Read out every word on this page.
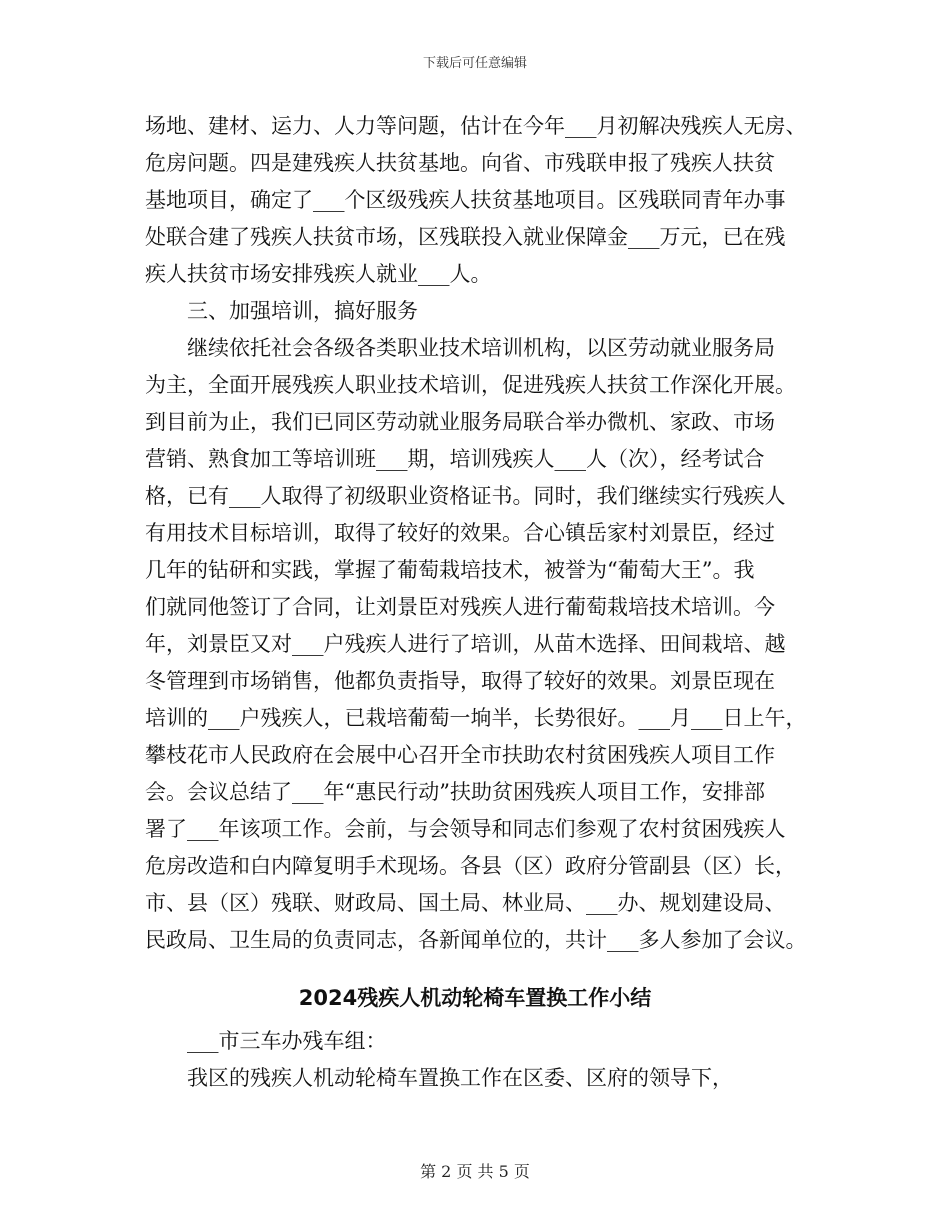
下载后可任意编辑
场地、建材、运力、人力等问题，估计在今年___月初解决残疾人无房、
危房问题。四是建残疾人扶贫基地。向省、市残联申报了残疾人扶贫
基地项目，确定了___个区级残疾人扶贫基地项目。区残联同青年办事
处联合建了残疾人扶贫市场，区残联投入就业保障金___万元，已在残
疾人扶贫市场安排残疾人就业___人。
三、加强培训，搞好服务
继续依托社会各级各类职业技术培训机构，以区劳动就业服务局
为主，全面开展残疾人职业技术培训，促进残疾人扶贫工作深化开展。
到目前为止，我们已同区劳动就业服务局联合举办微机、家政、市场
营销、熟食加工等培训班___期，培训残疾人___人（次），经考试合
格，已有___人取得了初级职业资格证书。同时，我们继续实行残疾人
有用技术目标培训，取得了较好的效果。合心镇岳家村刘景臣，经过
几年的钻研和实践，掌握了葡萄栽培技术，被誉为“葡萄大王”。我
们就同他签订了合同，让刘景臣对残疾人进行葡萄栽培技术培训。今
年，刘景臣又对___户残疾人进行了培训，从苗木选择、田间栽培、越
冬管理到市场销售，他都负责指导，取得了较好的效果。刘景臣现在
培训的___户残疾人，已栽培葡萄一垧半，长势很好。___月___日上午，
攀枝花市人民政府在会展中心召开全市扶助农村贫困残疾人项目工作
会。会议总结了___年“惠民行动”扶助贫困残疾人项目工作，安排部
署了___年该项工作。会前，与会领导和同志们参观了农村贫困残疾人
危房改造和白内障复明手术现场。各县（区）政府分管副县（区）长，
市、县（区）残联、财政局、国土局、林业局、___办、规划建设局、
民政局、卫生局的负责同志，各新闻单位的，共计___多人参加了会议。
2024残疾人机动轮椅车置换工作小结
___市三车办残车组：
我区的残疾人机动轮椅车置换工作在区委、区府的领导下，
第 2 页 共 5 页
